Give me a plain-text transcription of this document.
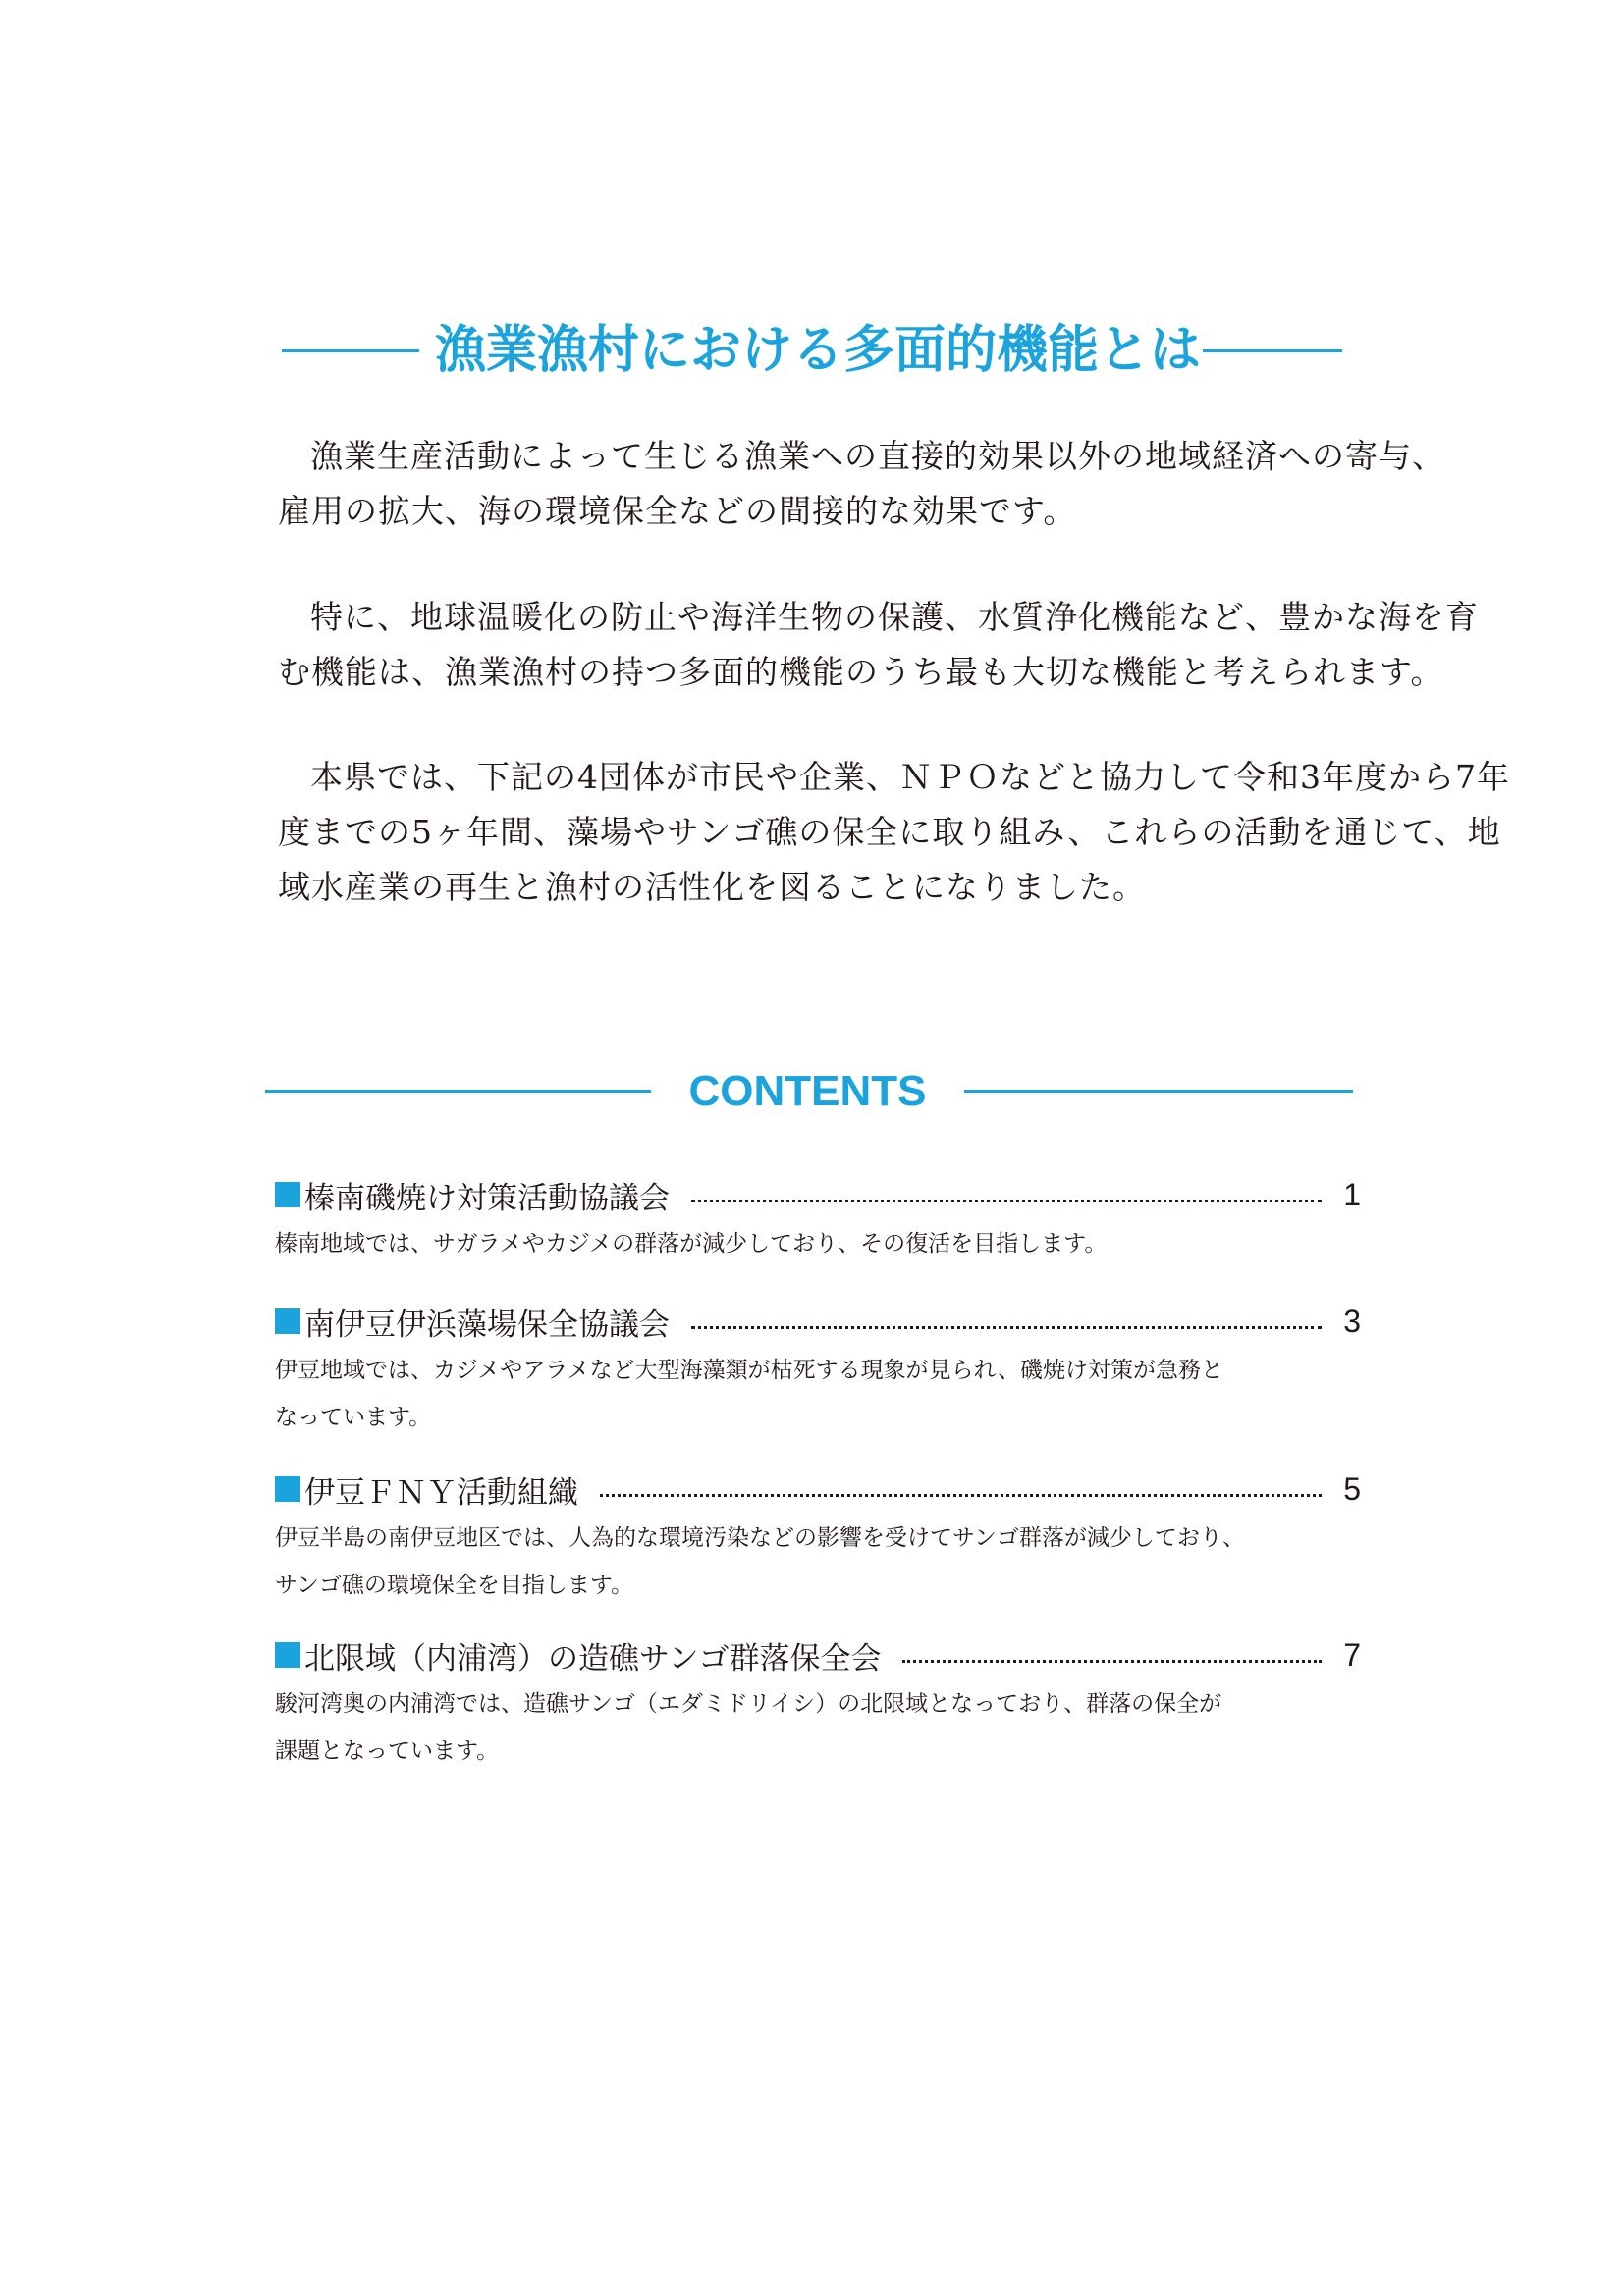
漁業漁村における多面的機能とは

漁業生産活動によって生じる漁業への直接的効果以外の地域経済への寄与、
雇用の拡大、海の環境保全などの間接的な効果です。

特に、地球温暖化の防止や海洋生物の保護、水質浄化機能など、豊かな海を育
む機能は、漁業漁村の持つ多面的機能のうち最も大切な機能と考えられます。

本県では、下記の4団体が市民や企業、ＮＰＯなどと協力して令和3年度から7年
度までの5ヶ年間、藻場やサンゴ礁の保全に取り組み、これらの活動を通じて、地
域水産業の再生と漁村の活性化を図ることになりました。

CONTENTS
榛南磯焼け対策活動協議会	1
榛南地域では、サガラメやカジメの群落が減少しており、その復活を目指します。
南伊豆伊浜藻場保全協議会	3
伊豆地域では、カジメやアラメなど大型海藻類が枯死する現象が見られ、磯焼け対策が急務と
なっています。
伊豆ＦＮＹ活動組織	5
伊豆半島の南伊豆地区では、人為的な環境汚染などの影響を受けてサンゴ群落が減少しており、
サンゴ礁の環境保全を目指します。
北限域（内浦湾）の造礁サンゴ群落保全会	7
駿河湾奥の内浦湾では、造礁サンゴ（エダミドリイシ）の北限域となっており、群落の保全が
課題となっています。
